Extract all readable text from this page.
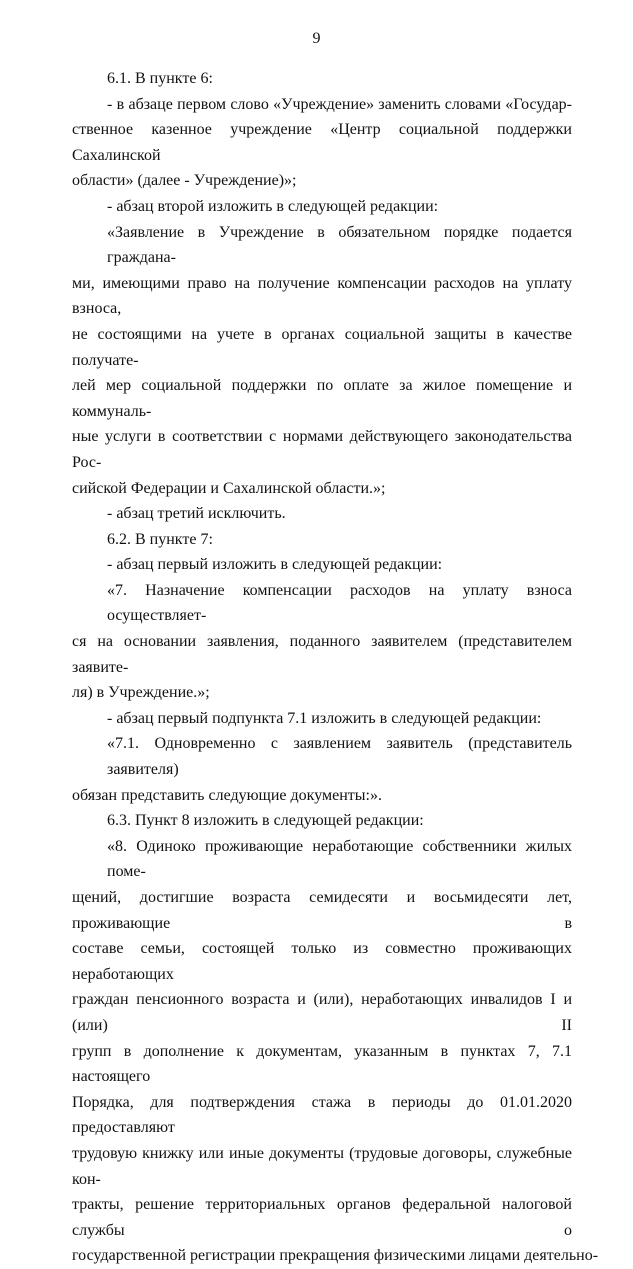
9
6.1. В пункте 6:
- в абзаце первом слово «Учреждение» заменить словами «Государ-
ственное казенное учреждение «Центр социальной поддержки Сахалинской
области» (далее - Учреждение)»;
- абзац второй изложить в следующей редакции:
«Заявление в Учреждение в обязательном порядке подается граждана-
ми, имеющими право на получение компенсации расходов на уплату взноса,
не состоящими на учете в органах социальной защиты в качестве получате-
лей мер социальной поддержки по оплате за жилое помещение и коммуналь-
ные услуги в соответствии с нормами действующего законодательства Рос-
сийской Федерации и Сахалинской области.»;
- абзац третий исключить.
6.2. В пункте 7:
- абзац первый изложить в следующей редакции:
«7. Назначение компенсации расходов на уплату взноса осуществляет-
ся на основании заявления, поданного заявителем (представителем заявите-
ля) в Учреждение.»;
- абзац первый подпункта 7.1 изложить в следующей редакции:
«7.1. Одновременно с заявлением заявитель (представитель заявителя)
обязан представить следующие документы:».
6.3. Пункт 8 изложить в следующей редакции:
«8. Одиноко проживающие неработающие собственники жилых поме-
щений, достигшие возраста семидесяти и восьмидесяти лет, проживающие в
составе семьи, состоящей только из совместно проживающих неработающих
граждан пенсионного возраста и (или), неработающих инвалидов I и (или) II
групп в дополнение к документам, указанным в пунктах 7, 7.1 настоящего
Порядка, для подтверждения стажа в периоды до 01.01.2020 предоставляют
трудовую книжку или иные документы (трудовые договоры, служебные кон-
тракты, решение территориальных органов федеральной налоговой службы о
государственной регистрации прекращения физическими лицами деятельно-
